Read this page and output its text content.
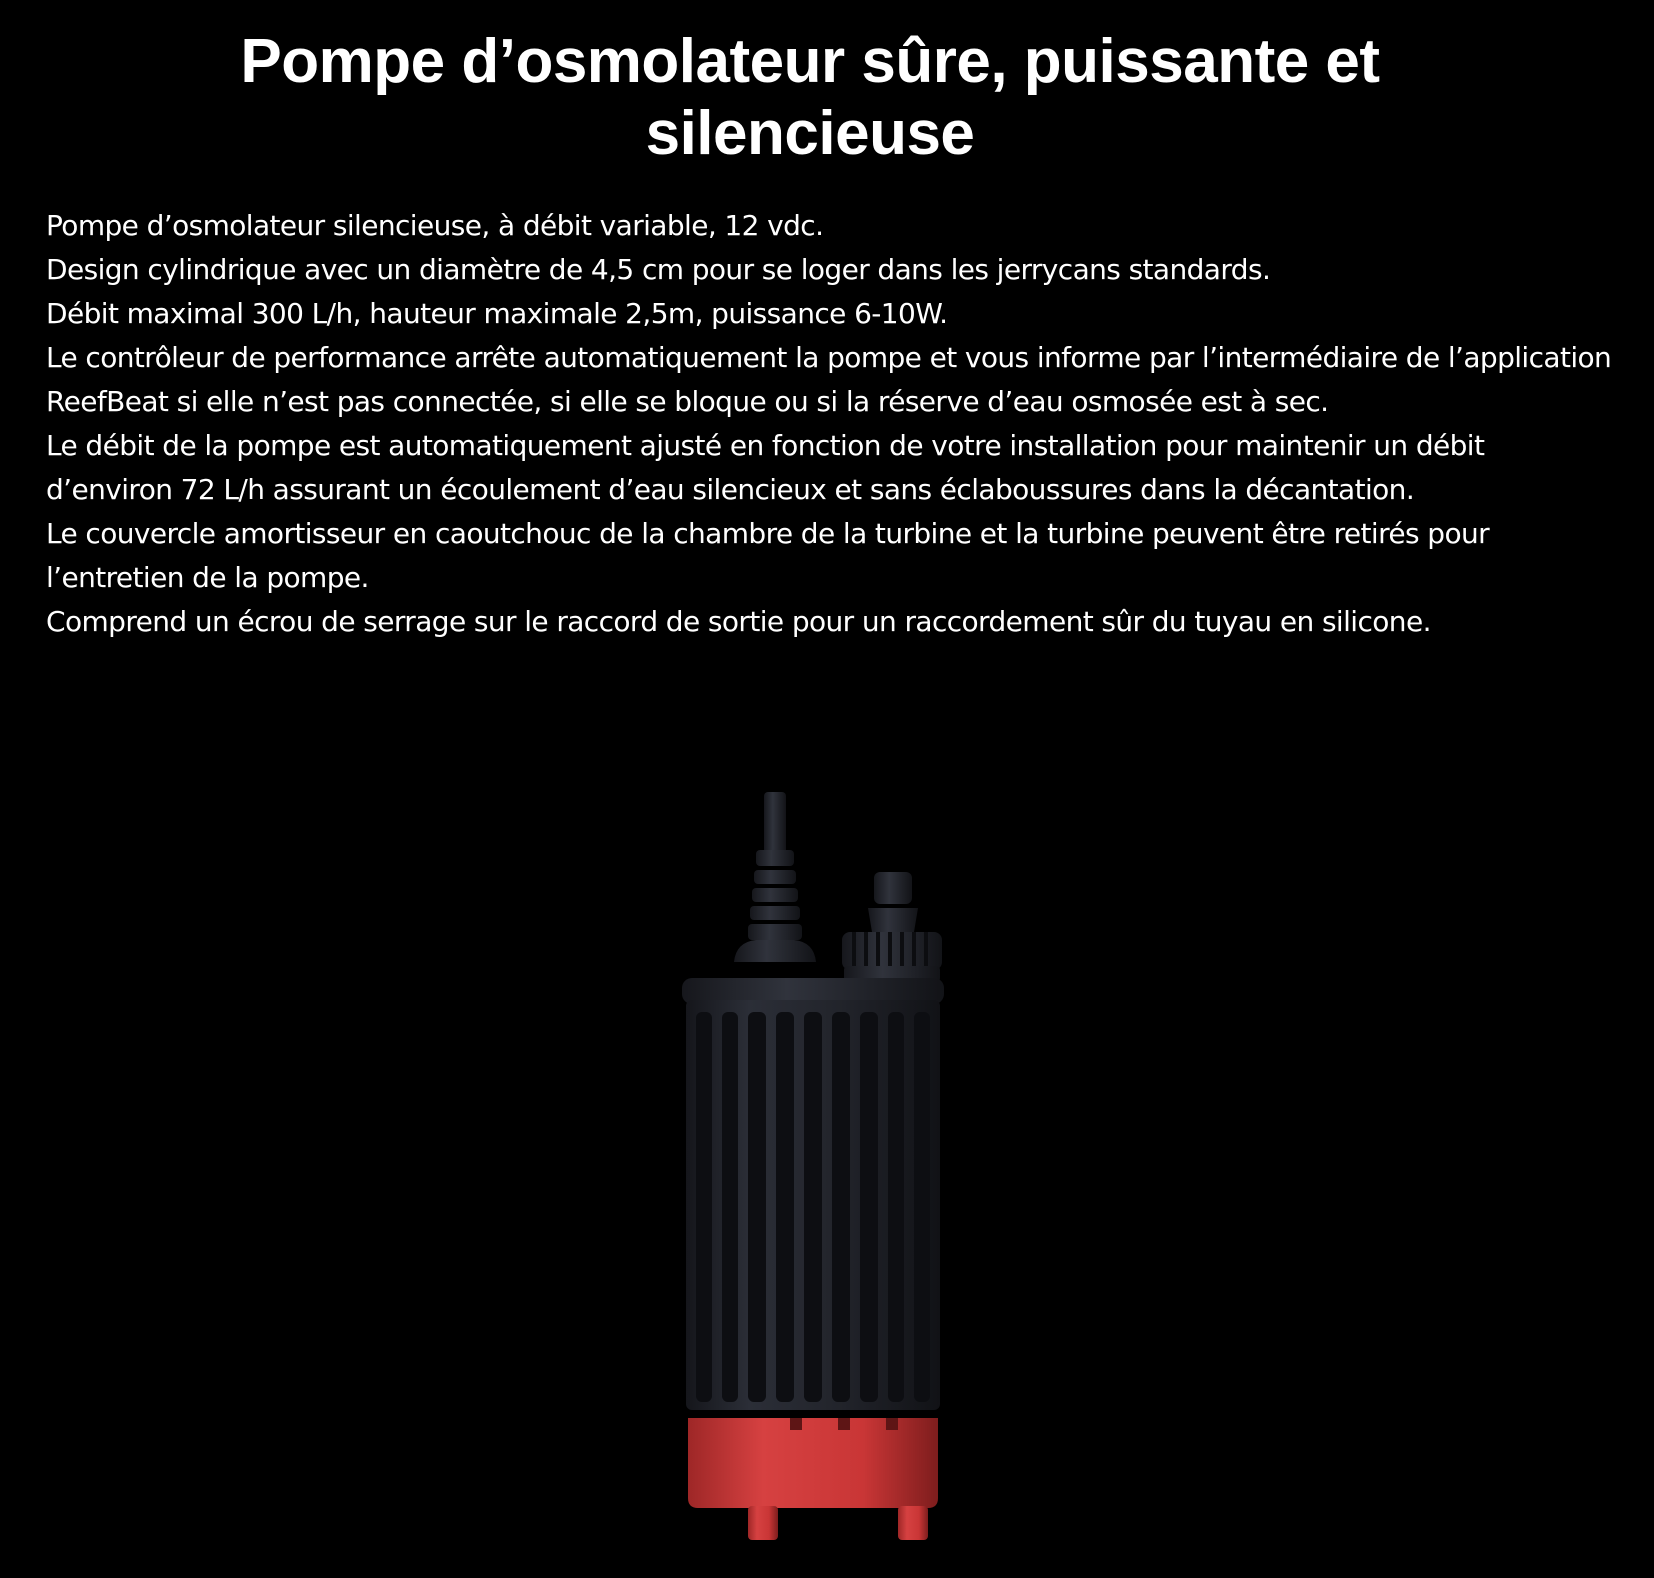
Pompe d’osmolateur sûre, puissante et silencieuse
Pompe d’osmolateur silencieuse, à débit variable, 12 vdc.
Design cylindrique avec un diamètre de 4,5 cm pour se loger dans les jerrycans standards.
Débit maximal 300 L/h, hauteur maximale 2,5m, puissance 6-10W.
Le contrôleur de performance arrête automatiquement la pompe et vous informe par l’intermédiaire de l’application ReefBeat si elle n’est pas connectée, si elle se bloque ou si la réserve d’eau osmosée est à sec.
Le débit de la pompe est automatiquement ajusté en fonction de votre installation pour maintenir un débit d’environ 72 L/h assurant un écoulement d’eau silencieux et sans éclaboussures dans la décantation.
Le couvercle amortisseur en caoutchouc de la chambre de la turbine et la turbine peuvent être retirés pour l’entretien de la pompe.
Comprend un écrou de serrage sur le raccord de sortie pour un raccordement sûr du tuyau en silicone.
